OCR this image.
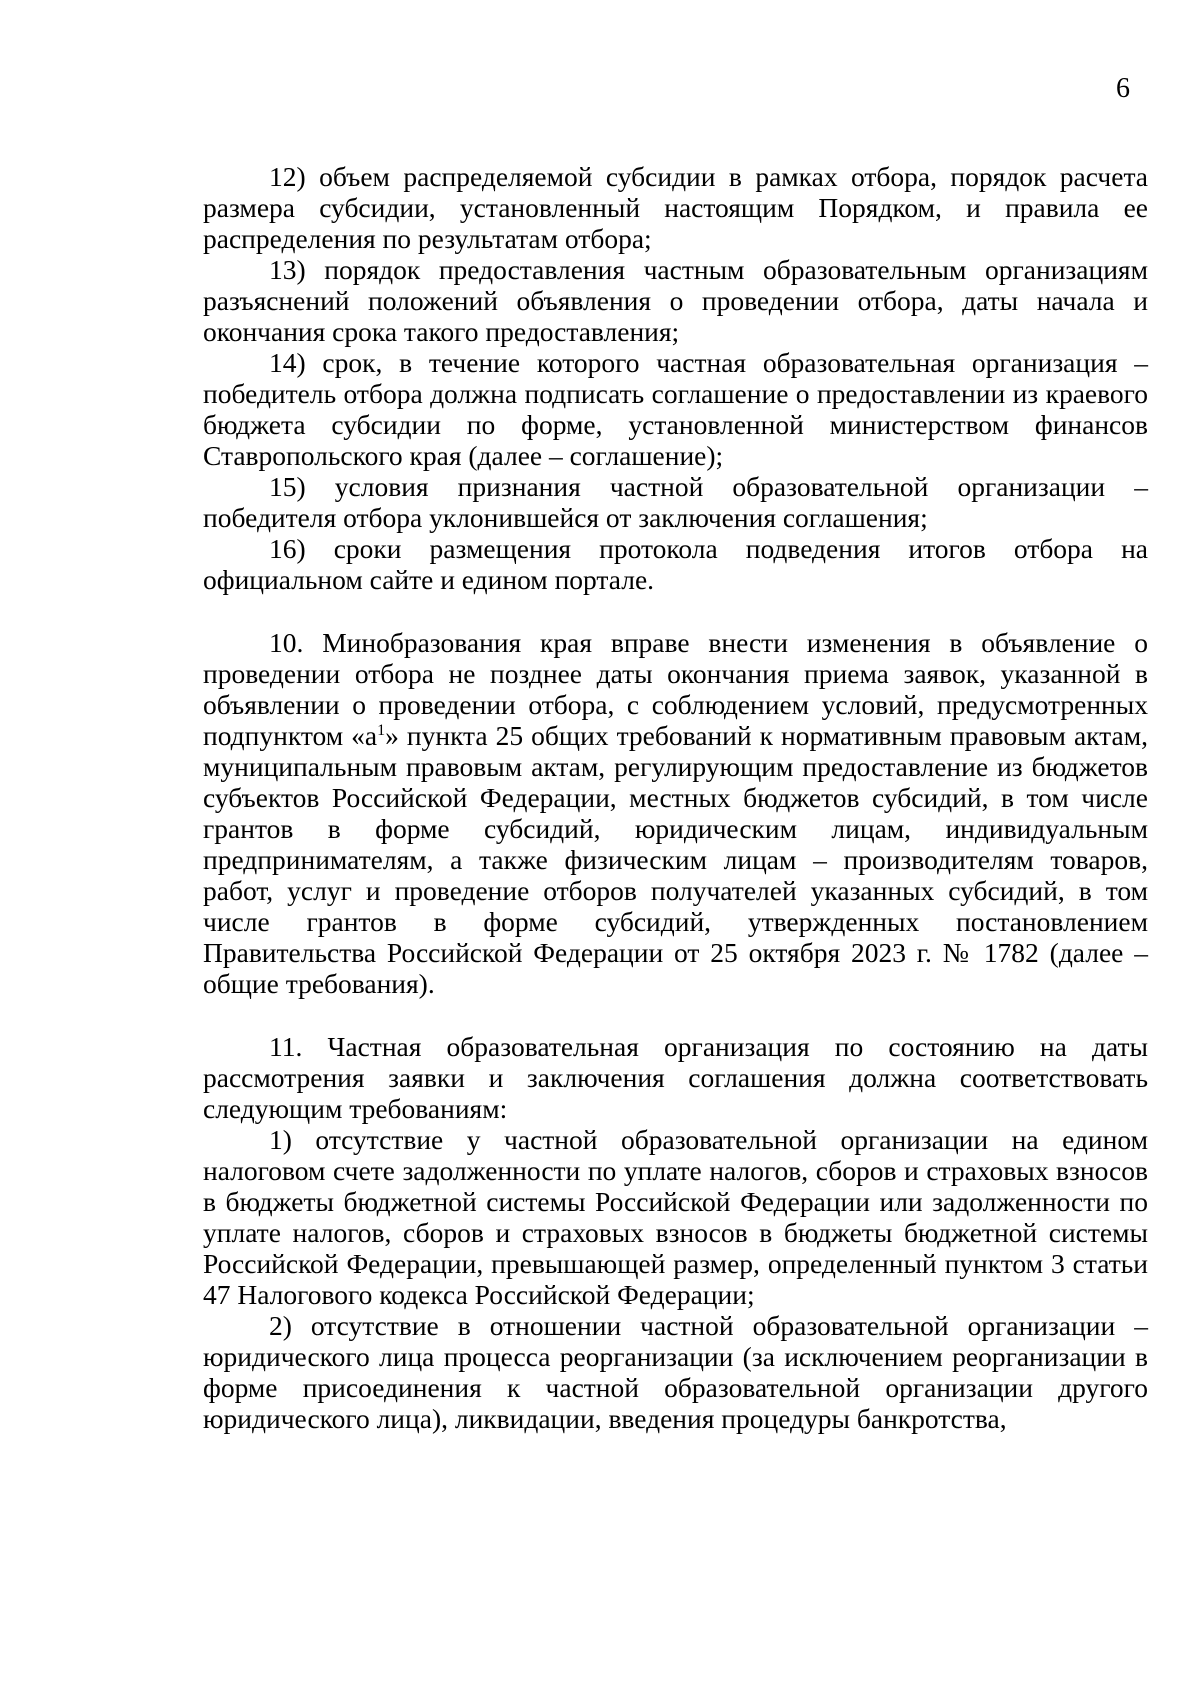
6

12) объем распределяемой субсидии в рамках отбора, порядок расчета размера субсидии, установленный настоящим Порядком, и правила ее распределения по результатам отбора;

13) порядок предоставления частным образовательным организациям разъяснений положений объявления о проведении отбора, даты начала и окончания срока такого предоставления;

14) срок, в течение которого частная образовательная организация – победитель отбора должна подписать соглашение о предоставлении из краевого бюджета субсидии по форме, установленной министерством финансов Ставропольского края (далее – соглашение);

15) условия признания частной образовательной организации – победителя отбора уклонившейся от заключения соглашения;

16) сроки размещения протокола подведения итогов отбора на официальном сайте и едином портале.

10. Минобразования края вправе внести изменения в объявление о проведении отбора не позднее даты окончания приема заявок, указанной в объявлении о проведении отбора, с соблюдением условий, предусмотренных подпунктом «$а^1$» пункта 25 общих требований к нормативным правовым актам, муниципальным правовым актам, регулирующим предоставление из бюджетов субъектов Российской Федерации, местных бюджетов субсидий, в том числе грантов в форме субсидий, юридическим лицам, индивидуальным предпринимателям, а также физическим лицам – производителям товаров, работ, услуг и проведение отборов получателей указанных субсидий, в том числе грантов в форме субсидий, утвержденных постановлением Правительства Российской Федерации от 25 октября 2023 г. № 1782 (далее – общие требования).

11. Частная образовательная организация по состоянию на даты рассмотрения заявки и заключения соглашения должна соответствовать следующим требованиям:

1) отсутствие у частной образовательной организации на едином налоговом счете задолженности по уплате налогов, сборов и страховых взносов в бюджеты бюджетной системы Российской Федерации или задолженности по уплате налогов, сборов и страховых взносов в бюджеты бюджетной системы Российской Федерации, превышающей размер, определенный пунктом 3 статьи 47 Налогового кодекса Российской Федерации;

2) отсутствие в отношении частной образовательной организации – юридического лица процесса реорганизации (за исключением реорганизации в форме присоединения к частной образовательной организации другого юридического лица), ликвидации, введения процедуры банкротства,
